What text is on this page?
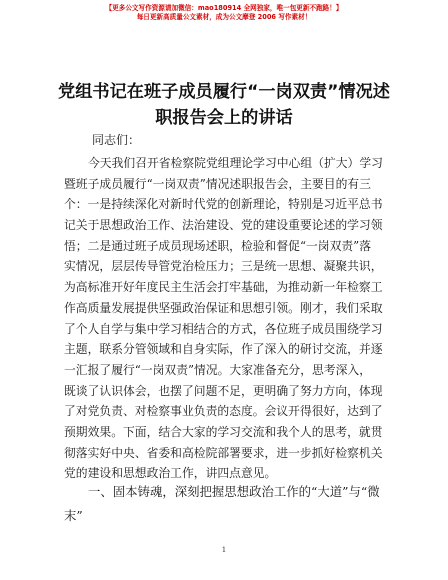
【更多公文写作资源请加微信：mao180914 全网独家，唯一包更新不跑路！】
每日更新高质量公文素材，成为公文摩登 2006 写作素材！
党组书记在班子成员履行“一岗双责”情况述
职报告会上的讲话
同志们：
今天我们召开省检察院党组理论学习中心组（扩大）学习
暨班子成员履行“一岗双责”情况述职报告会，主要目的有三
个：一是持续深化对新时代党的创新理论，特别是习近平总书
记关于思想政治工作、法治建设、党的建设重要论述的学习领
悟；二是通过班子成员现场述职，检验和督促“一岗双责”落
实情况，层层传导管党治检压力；三是统一思想、凝聚共识，
为高标准开好年度民主生活会打牢基础，为推动新一年检察工
作高质量发展提供坚强政治保证和思想引领。刚才，我们采取
了个人自学与集中学习相结合的方式，各位班子成员围绕学习
主题，联系分管领域和自身实际，作了深入的研讨交流，并逐
一汇报了履行“一岗双责”情况。大家准备充分，思考深入，
既谈了认识体会，也摆了问题不足，更明确了努力方向，体现
了对党负责、对检察事业负责的态度。会议开得很好，达到了
预期效果。下面，结合大家的学习交流和我个人的思考，就贯
彻落实好中央、省委和高检院部署要求，进一步抓好检察机关
党的建设和思想政治工作，讲四点意见。
一、固本铸魂，深刻把握思想政治工作的“大道”与“微
末”
1
